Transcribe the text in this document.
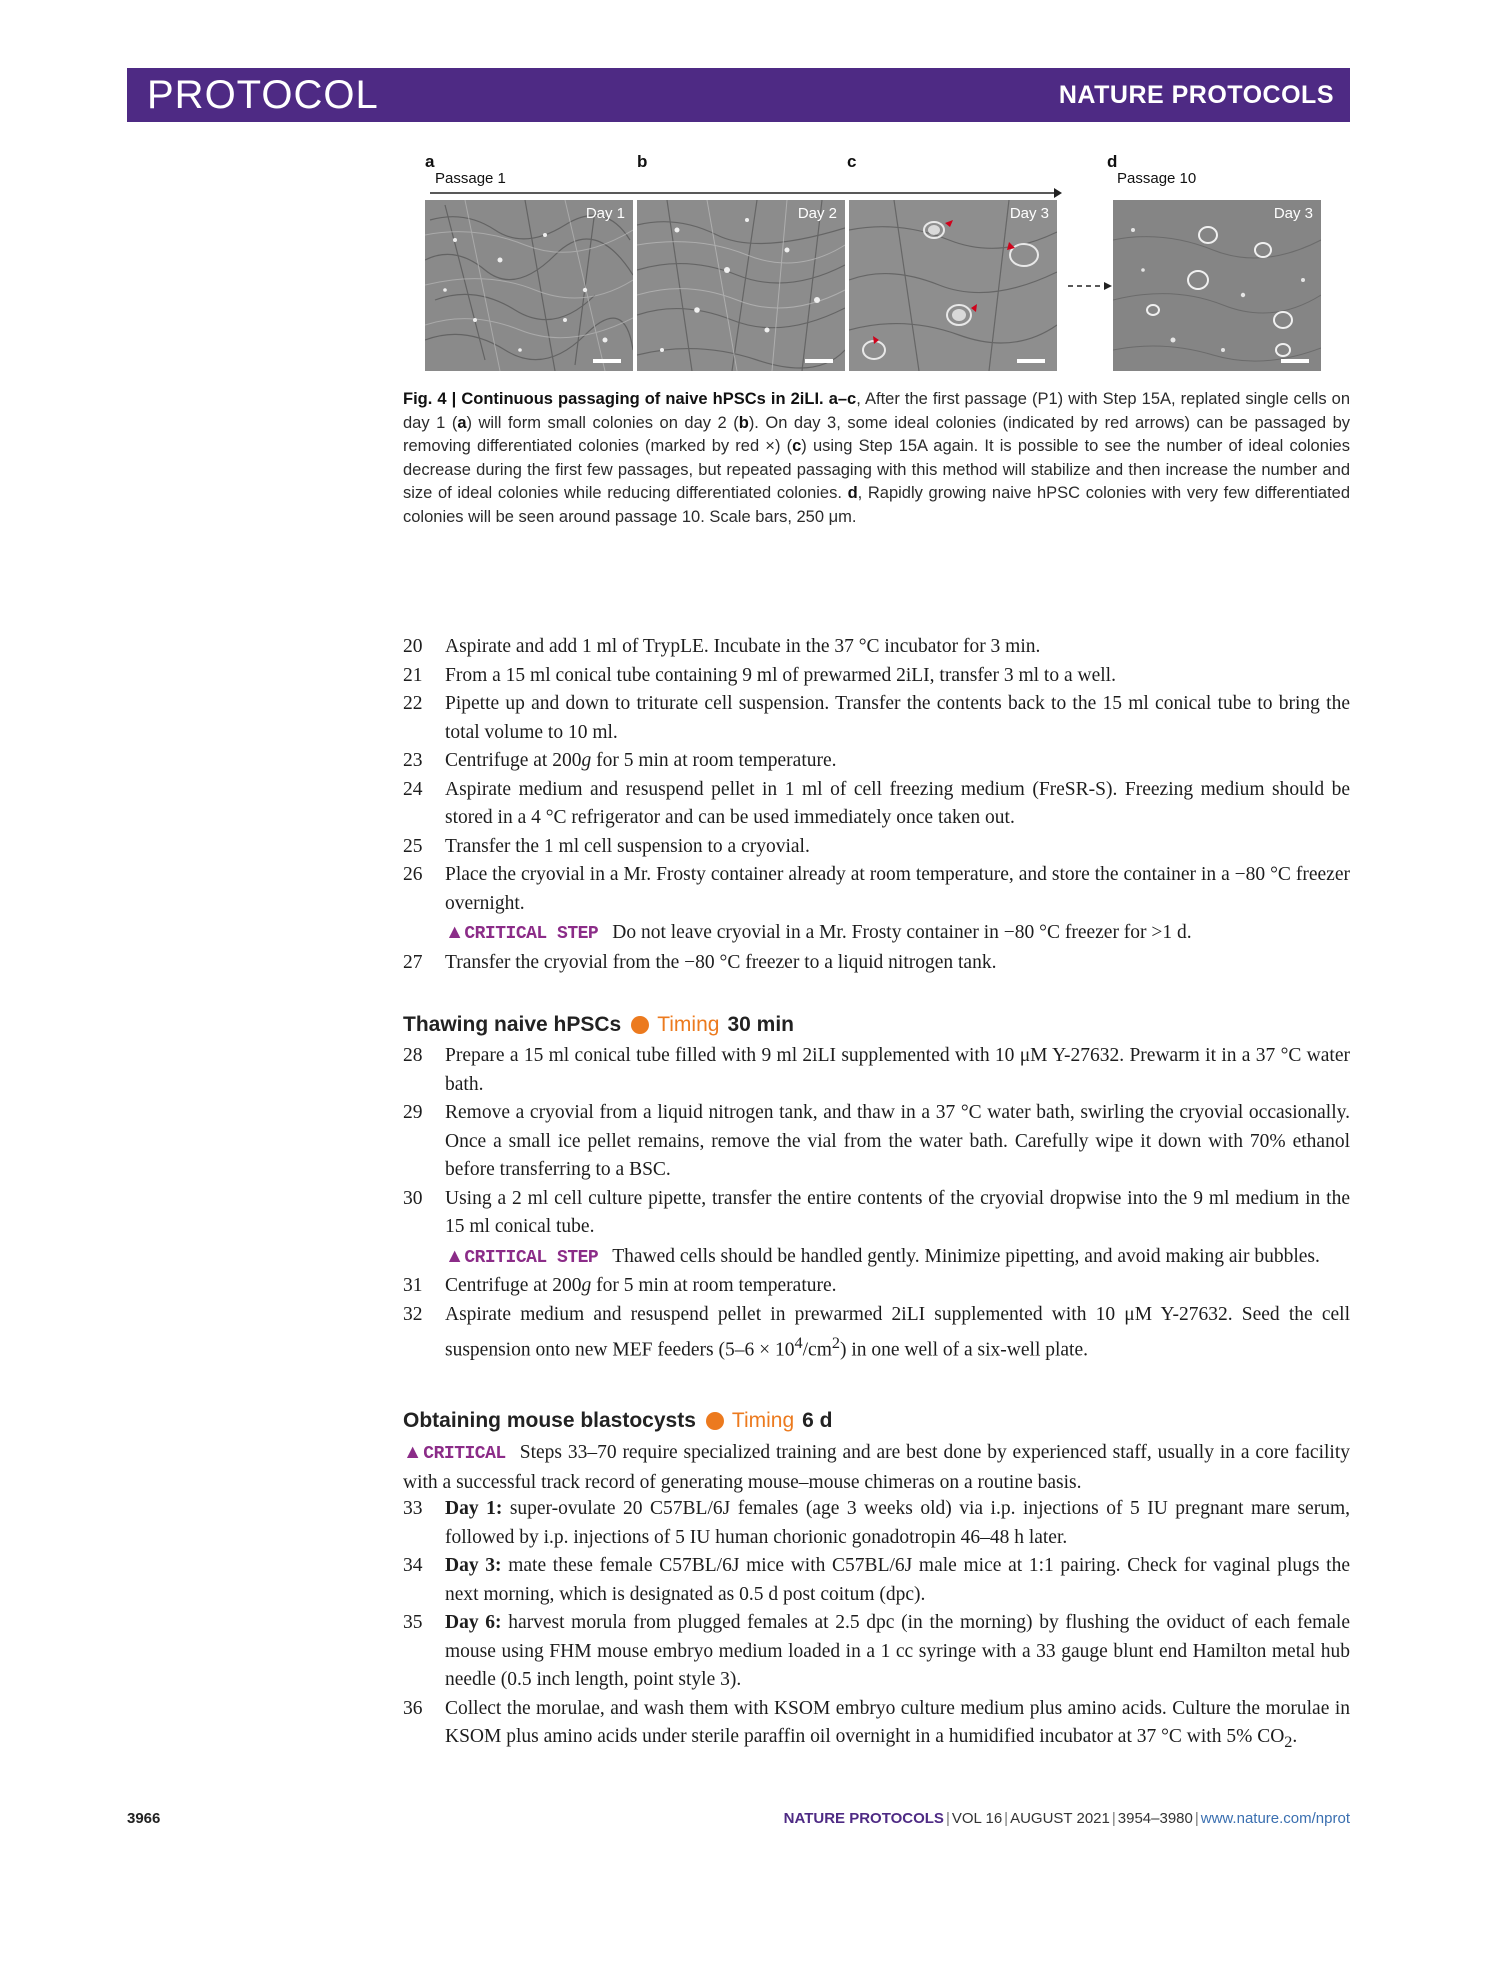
PROTOCOL	NATURE PROTOCOLS
a
Passage 1
b	c	d
Passage 10
Day 1	Day 2	Day 3	Day 3

Fig. 4 | Continuous passaging of naive hPSCs in 2iLI. a–c, After the first passage (P1) with Step 15A, replated single cells on day 1 (a) will form small colonies on day 2 (b). On day 3, some ideal colonies (indicated by red arrows) can be passaged by removing differentiated colonies (marked by red ×) (c) using Step 15A again. It is possible to see the number of ideal colonies decrease during the first few passages, but repeated passaging with this method will stabilize and then increase the number and size of ideal colonies while reducing differentiated colonies. d, Rapidly growing naive hPSC colonies with very few differentiated colonies will be seen around passage 10. Scale bars, 250 μm.

20	Aspirate and add 1 ml of TrypLE. Incubate in the 37 °C incubator for 3 min.
21	From a 15 ml conical tube containing 9 ml of prewarmed 2iLI, transfer 3 ml to a well.
22	Pipette up and down to triturate cell suspension. Transfer the contents back to the 15 ml conical tube to bring the total volume to 10 ml.
23	Centrifuge at 200g for 5 min at room temperature.
24	Aspirate medium and resuspend pellet in 1 ml of cell freezing medium (FreSR-S). Freezing medium should be stored in a 4 °C refrigerator and can be used immediately once taken out.
25	Transfer the 1 ml cell suspension to a cryovial.
26	Place the cryovial in a Mr. Frosty container already at room temperature, and store the container in a −80 °C freezer overnight.
▲CRITICAL STEP Do not leave cryovial in a Mr. Frosty container in −80 °C freezer for >1 d.
27	Transfer the cryovial from the −80 °C freezer to a liquid nitrogen tank.
Thawing naive hPSCs Timing 30 min
28	Prepare a 15 ml conical tube filled with 9 ml 2iLI supplemented with 10 μM Y-27632. Prewarm it in a 37 °C water bath.
29	Remove a cryovial from a liquid nitrogen tank, and thaw in a 37 °C water bath, swirling the cryovial occasionally. Once a small ice pellet remains, remove the vial from the water bath. Carefully wipe it down with 70% ethanol before transferring to a BSC.
30	Using a 2 ml cell culture pipette, transfer the entire contents of the cryovial dropwise into the 9 ml medium in the 15 ml conical tube.
▲CRITICAL STEP Thawed cells should be handled gently. Minimize pipetting, and avoid making air bubbles.
31	Centrifuge at 200g for 5 min at room temperature.
32	Aspirate medium and resuspend pellet in prewarmed 2iLI supplemented with 10 μM Y-27632. Seed the cell suspension onto new MEF feeders $(5-6 \times 10^4/cm^2)$ in one well of a six-well plate.
Obtaining mouse blastocysts Timing 6 d
▲CRITICAL Steps 33–70 require specialized training and are best done by experienced staff, usually in a core facility with a successful track record of generating mouse–mouse chimeras on a routine basis.
33	Day 1: super-ovulate 20 C57BL/6J females (age 3 weeks old) via i.p. injections of 5 IU pregnant mare serum, followed by i.p. injections of 5 IU human chorionic gonadotropin 46–48 h later.
34	Day 3: mate these female C57BL/6J mice with C57BL/6J male mice at 1:1 pairing. Check for vaginal plugs the next morning, which is designated as 0.5 d post coitum (dpc).
35	Day 6: harvest morula from plugged females at 2.5 dpc (in the morning) by flushing the oviduct of each female mouse using FHM mouse embryo medium loaded in a 1 cc syringe with a 33 gauge blunt end Hamilton metal hub needle (0.5 inch length, point style 3).
36	Collect the morulae, and wash them with KSOM embryo culture medium plus amino acids. Culture the morulae in KSOM plus amino acids under sterile paraffin oil overnight in a humidified incubator at 37 °C with 5% $CO_2$.
3966	NATURE PROTOCOLS | VOL 16 | AUGUST 2021 | 3954–3980 | www.nature.com/nprot
